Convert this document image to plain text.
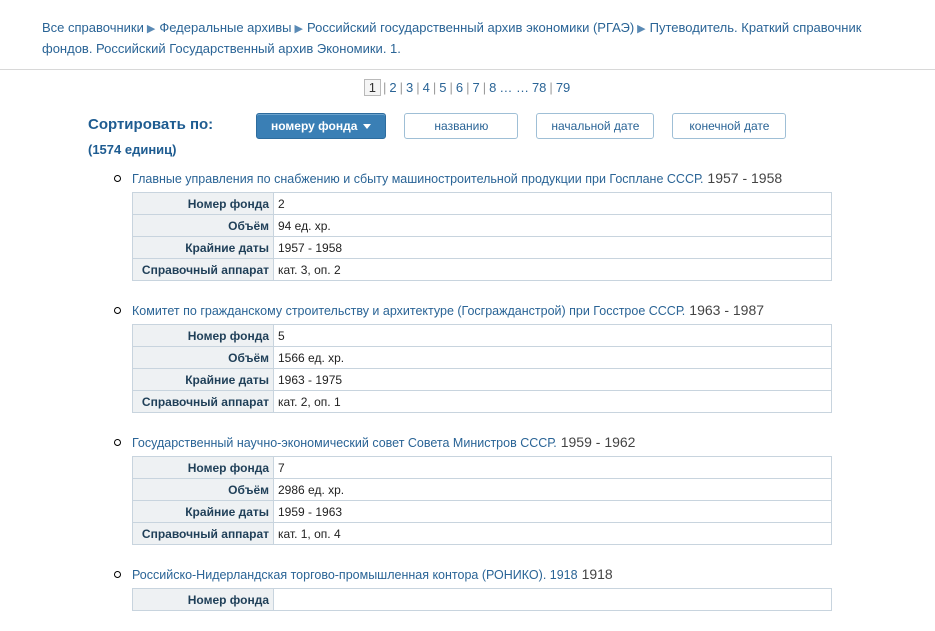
Все справочники ▶ Федеральные архивы ▶ Российский государственный архив экономики (РГАЭ) ▶ Путеводитель. Краткий справочник фондов. Российский Государственный архив Экономики. 1.
1 | 2 | 3 | 4 | 5 | 6 | 7 | 8 … … 78 | 79
Сортировать по:
(1574 единиц)
номеру фонда	названию	начальной дате	конечной дате
Главные управления по снабжению и сбыту машиностроительной продукции при Госплане СССР. 1957 - 1958
Номер фонда	2
Объём	94 ед. хр.
Крайние даты	1957 - 1958
Справочный аппарат	кат. 3, оп. 2
Комитет по гражданскому строительству и архитектуре (Госгражданстрой) при Госстрое СССР. 1963 - 1987
Номер фонда	5
Объём	1566 ед. хр.
Крайние даты	1963 - 1975
Справочный аппарат	кат. 2, оп. 1
Государственный научно-экономический совет Совета Министров СССР. 1959 - 1962
Номер фонда	7
Объём	2986 ед. хр.
Крайние даты	1959 - 1963
Справочный аппарат	кат. 1, оп. 4
Российско-Нидерландская торгово-промышленная контора (РОНИКО). 1918 1918
Номер фонда	
